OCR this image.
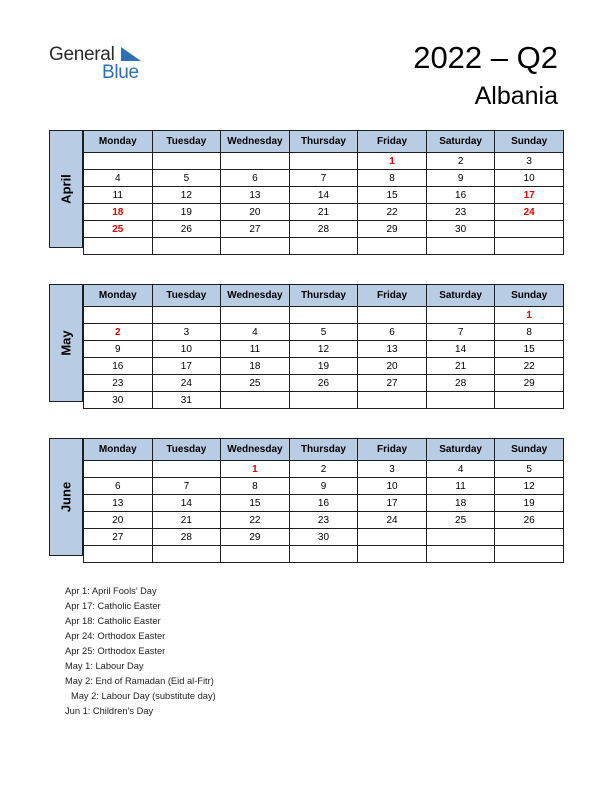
General
Blue	2022 – Q2
Albania
April
Monday	Tuesday	Wednesday	Thursday	Friday	Saturday	Sunday
				1	2	3
4	5	6	7	8	9	10
11	12	13	14	15	16	17
18	19	20	21	22	23	24
25	26	27	28	29	30	

May
Monday	Tuesday	Wednesday	Thursday	Friday	Saturday	Sunday
						1
2	3	4	5	6	7	8
9	10	11	12	13	14	15
16	17	18	19	20	21	22
23	24	25	26	27	28	29
30	31					
June
Monday	Tuesday	Wednesday	Thursday	Friday	Saturday	Sunday
		1	2	3	4	5
6	7	8	9	10	11	12
13	14	15	16	17	18	19
20	21	22	23	24	25	26
27	28	29	30			

Apr 1: April Fools’ Day
Apr 17: Catholic Easter
Apr 18: Catholic Easter
Apr 24: Orthodox Easter
Apr 25: Orthodox Easter
May 1: Labour Day
May 2: End of Ramadan (Eid al-Fitr)
May 2: Labour Day (substitute day)
Jun 1: Children’s Day
